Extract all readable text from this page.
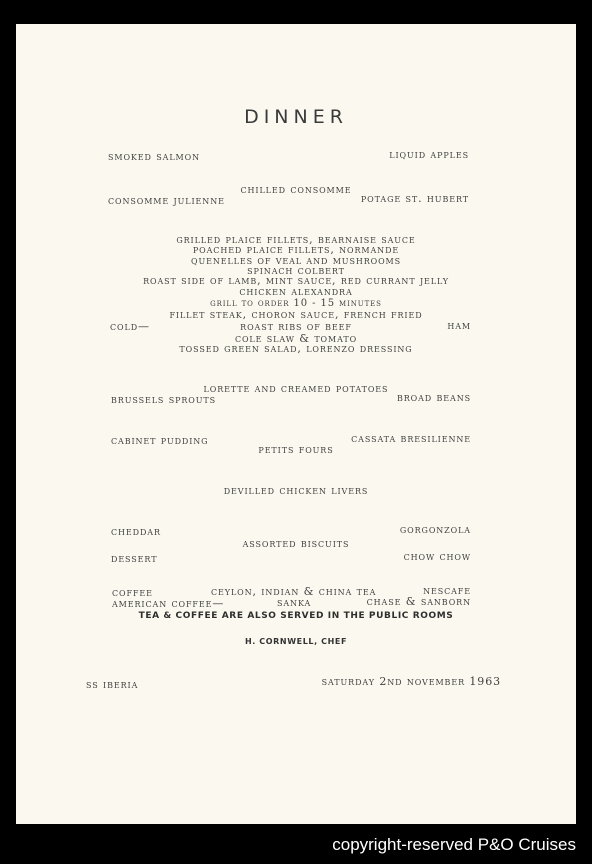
DINNER
smoked salmon	liquid apples
chilled consomme
consomme julienne	potage st. hubert
grilled plaice fillets, bearnaise sauce
poached plaice fillets, normande
quenelles of veal and mushrooms
spinach colbert
roast side of lamb, mint sauce, red currant jelly
chicken alexandra
grill to order 10 - 15 minutes
fillet steak, choron sauce, french fried
cold—	roast ribs of beef	ham
cole slaw & tomato
tossed green salad, lorenzo dressing
lorette and creamed potatoes
brussels sprouts	broad beans
cabinet pudding	cassata bresilienne
petits fours
devilled chicken livers
cheddar	gorgonzola
assorted biscuits
dessert	chow chow
coffee	ceylon, indian & china tea	nescafe
american coffee—	sanka	chase & sanborn
TEA & COFFEE ARE ALSO SERVED IN THE PUBLIC ROOMS
H. CORNWELL, CHEF
ss iberia	saturday 2nd november 1963
copyright-reserved P&O Cruises
